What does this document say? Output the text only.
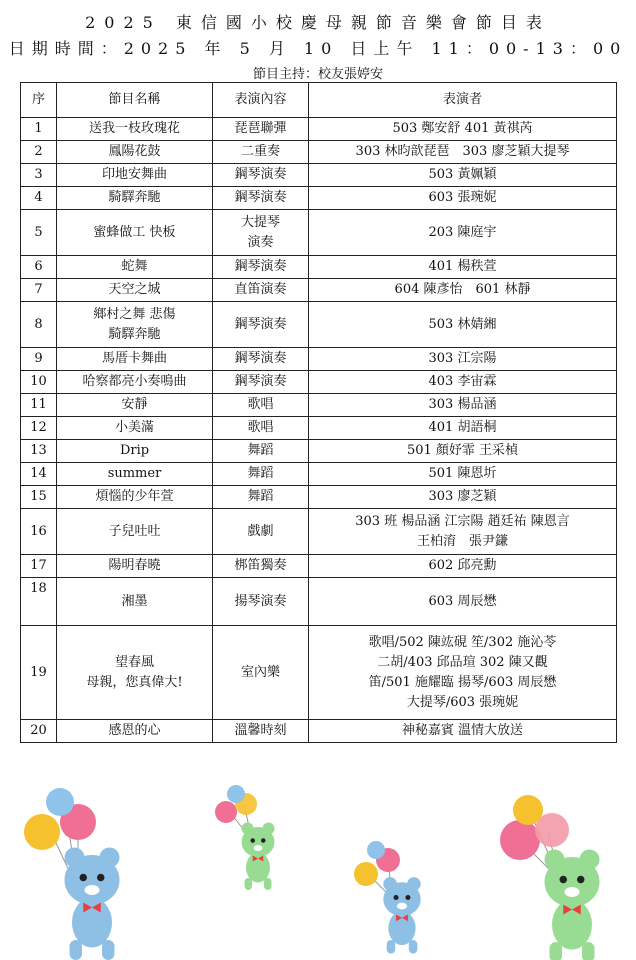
2025 東信國小校慶母親節音樂會節目表
日期時間：2025 年 5 月 10 日上午 11：00-13：00
節目主持：校友張婷安
序	節目名稱	表演內容	表演者
1	送我一枝玫瑰花	琵琶聯彈	503 鄭安舒 401 黃祺芮

2	鳳陽花鼓	二重奏	303 林昀歆琵琶　303 廖芝穎大提琴

3	印地安舞曲	鋼琴演奏	503 黃姵穎

4	騎驛奔馳	鋼琴演奏	603 張琬妮

5	蜜蜂做工 快板	大提琴
演奏	203 陳庭宇

6	蛇舞	鋼琴演奏	401 楊秩萱

7	天空之城	直笛演奏	604 陳彥怡　601 林靜

8	鄉村之舞 悲傷
騎驛奔馳	鋼琴演奏	503 林婧緗

9	馬厝卡舞曲	鋼琴演奏	303 江宗陽

10	哈察都亮小奏鳴曲	鋼琴演奏	403 李宙霖

11	安靜	歌唱	303 楊品涵

12	小美滿	歌唱	401 胡語桐

13	Drip	舞蹈	501 顏妤霏 王采楨

14	summer	舞蹈	501 陳恩圻

15	煩惱的少年萱	舞蹈	303 廖芝穎

16	子兒吐吐	戲劇	303 班 楊品涵 江宗陽 趙廷祐 陳恩言
王柏淯　張尹鎌

17	陽明春曉	梆笛獨奏	602 邱亮勳

18	湘墨	揚琴演奏	603 周辰懋

19	望春風
母親，您真偉大!	室內樂	歌唱/502 陳竑硯 笙/302 施沁苓
二胡/403 邱品瑄 302 陳又觀
笛/501 施耀臨 揚琴/603 周辰懋
大提琴/603 張琬妮

20	感恩的心	溫馨時刻	神秘嘉賓 溫情大放送
